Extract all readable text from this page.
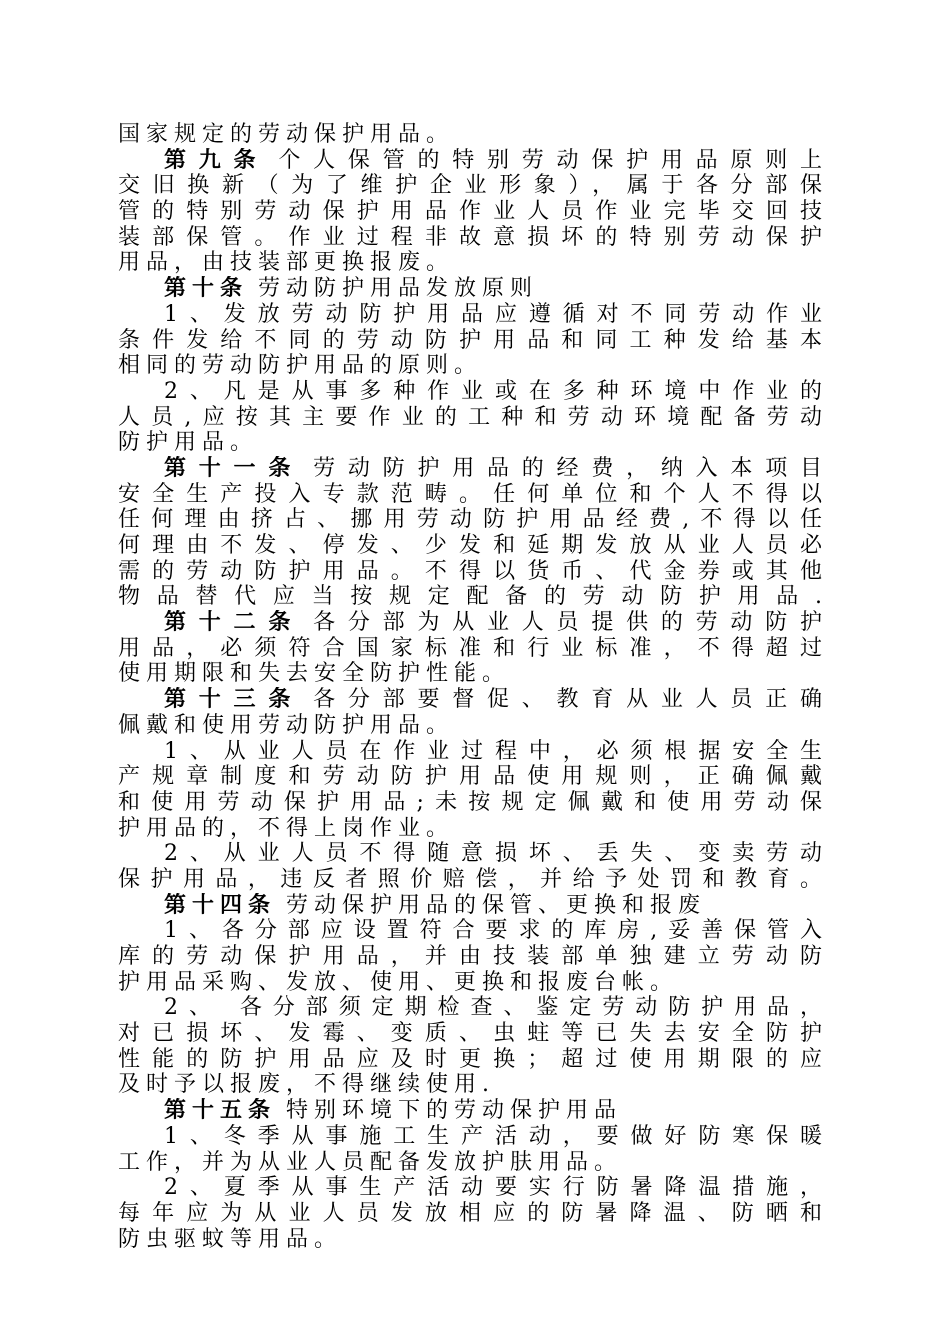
国家规定的劳动保护用品。
第九条 个人保管的特别劳动保护用品原则上
交旧换新（为了维护企业形象），属于各分部保
管的特别劳动保护用品作业人员作业完毕交回技
装部保管。作业过程非故意损坏的特别劳动保护
用品，由技装部更换报废。
第十条 劳动防护用品发放原则
1、发放劳动防护用品应遵循对不同劳动作业
条件发给不同的劳动防护用品和同工种发给基本
相同的劳动防护用品的原则。
2、凡是从事多种作业或在多种环境中作业的
人员,应按其主要作业的工种和劳动环境配备劳动
防护用品。
第十一条 劳动防护用品的经费，纳入本项目
安全生产投入专款范畴。任何单位和个人不得以
任何理由挤占、挪用劳动防护用品经费,不得以任
何理由不发、停发、少发和延期发放从业人员必
需的劳动防护用品。不得以货币、代金券或其他
物品替代应当按规定配备的劳动防护用品.
第十二条 各分部为从业人员提供的劳动防护
用品，必须符合国家标准和行业标准，不得超过
使用期限和失去安全防护性能。
第十三条 各分部要督促、教育从业人员正确
佩戴和使用劳动防护用品。
1、从业人员在作业过程中，必须根据安全生
产规章制度和劳动防护用品使用规则，正确佩戴
和使用劳动保护用品;未按规定佩戴和使用劳动保
护用品的，不得上岗作业。
2、从业人员不得随意损坏、丢失、变卖劳动
保护用品，违反者照价赔偿，并给予处罚和教育。
第十四条 劳动保护用品的保管、更换和报废
1、各分部应设置符合要求的库房,妥善保管入
库的劳动保护用品，并由技装部单独建立劳动防
护用品采购、发放、使用、更换和报废台帐。
2、 各分部须定期检查、鉴定劳动防护用品，
对已损坏、发霉、变质、虫蛀等已失去安全防护
性能的防护用品应及时更换；超过使用期限的应
及时予以报废，不得继续使用.
第十五条 特别环境下的劳动保护用品
1、冬季从事施工生产活动，要做好防寒保暖
工作，并为从业人员配备发放护肤用品。
2、夏季从事生产活动要实行防暑降温措施，
每年应为从业人员发放相应的防暑降温、防晒和
防虫驱蚊等用品。
